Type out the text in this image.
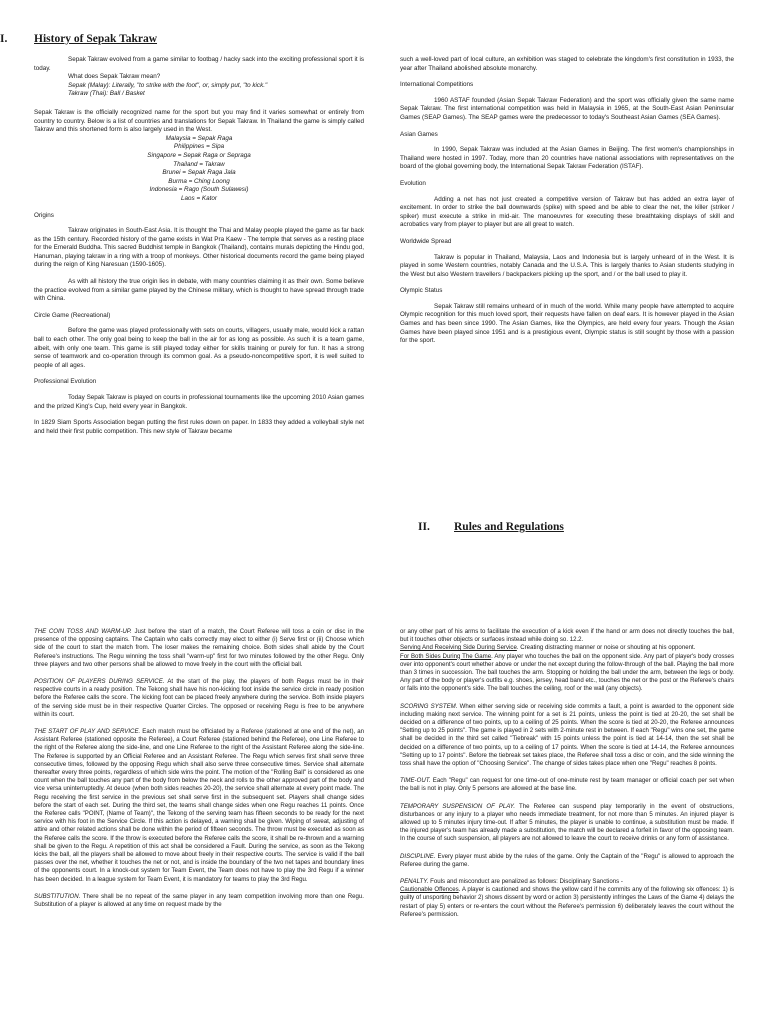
I. History of Sepak Takraw

Sepak Takraw evolved from a game similar to footbag / hacky sack into the exciting professional sport it is today.

What does Sepak Takraw mean?

Sepak (Malay): Literally, "to strike with the foot", or, simply put, "to kick."

Takraw (Thai): Ball / Basket

Sepak Takraw is the officially recognized name for the sport but you may find it varies somewhat or entirely from country to country. Below is a list of countries and translations for Sepak Takraw. In Thailand the game is simply called Takraw and this shortened form is also largely used in the West.

Malaysia = Sepak Raga

Philippines = Sipa

Singapore = Sepak Raga or Sepraga

Thailand = Takraw

Brunei = Sepak Raga Jala

Burma = Ching Loong

Indonesia = Rago (South Sulawesi)

Laos = Kator

Origins

Takraw originates in South-East Asia. It is thought the Thai and Malay people played the game as far back as the 15th century. Recorded history of the game exists in Wat Pra Kaew - The temple that serves as a resting place for the Emerald Buddha. This sacred Buddhist temple in Bangkok (Thailand), contains murals depicting the Hindu god, Hanuman, playing takraw in a ring with a troop of monkeys. Other historical documents record the game being played during the reign of King Naresuan (1590-1605).

As with all history the true origin lies in debate, with many countries claiming it as their own. Some believe the practice evolved from a similar game played by the Chinese military, which is thought to have spread through trade with China.

Circle Game (Recreational)

Before the game was played professionally with sets on courts, villagers, usually male, would kick a rattan ball to each other. The only goal being to keep the ball in the air for as long as possible. As such it is a team game, albeit, with only one team. This game is still played today either for skills training or purely for fun. It has a strong sense of teamwork and co-operation through its common goal. As a pseudo-noncompetitive sport, it is well suited to people of all ages.

Professional Evolution

Today Sepak Takraw is played on courts in professional tournaments like the upcoming 2010 Asian games and the prized King's Cup, held every year in Bangkok.

In 1829 Siam Sports Association began putting the first rules down on paper. In 1833 they added a volleyball style net and held their first public competition. This new style of Takraw became

such a well-loved part of local culture, an exhibition was staged to celebrate the kingdom's first constitution in 1933, the year after Thailand abolished absolute monarchy.

International Competitions

1960 ASTAF founded (Asian Sepak Takraw Federation) and the sport was officially given the same name Sepak Takraw. The first international competition was held in Malaysia in 1965, at the South-East Asian Peninsular Games (SEAP Games). The SEAP games were the predecessor to today's Southeast Asian Games (SEA Games).

Asian Games

In 1990, Sepak Takraw was included at the Asian Games in Beijing. The first women's championships in Thailand were hosted in 1997. Today, more than 20 countries have national associations with representatives on the board of the global governing body, the International Sepak Takraw Federation (ISTAF).

Evolution

Adding a net has not just created a competitive version of Takraw but has added an extra layer of excitement. In order to strike the ball downwards (spike) with speed and be able to clear the net, the killer (striker / spiker) must execute a strike in mid-air. The manoeuvres for executing these breathtaking displays of skill and acrobatics vary from player to player but are all great to watch.

Worldwide Spread

Takraw is popular in Thailand, Malaysia, Laos and Indonesia but is largely unheard of in the West. It is played in some Western countries, notably Canada and the U.S.A. This is largely thanks to Asian students studying in the West but also Western travellers / backpackers picking up the sport, and / or the ball used to play it.

Olympic Status

Sepak Takraw still remains unheard of in much of the world. While many people have attempted to acquire Olympic recognition for this much loved sport, their requests have fallen on deaf ears. It is however played in the Asian Games and has been since 1990. The Asian Games, like the Olympics, are held every four years. Though the Asian Games have been played since 1951 and is a prestigious event, Olympic status is still sought by those with a passion for the sport.

II. Rules and Regulations

THE COIN TOSS AND WARM-UP. Just before the start of a match, the Court Referee will toss a coin or disc in the presence of the opposing captains. The Captain who calls correctly may elect to either (i) Serve first or (ii) Choose which side of the court to start the match from. The loser makes the remaining choice. Both sides shall abide by the Court Referee's instructions. The Regu winning the toss shall "warm-up" first for two minutes followed by the other Regu. Only three players and two other persons shall be allowed to move freely in the court with the official ball.

POSITION OF PLAYERS DURING SERVICE. At the start of the play, the players of both Regus must be in their respective courts in a ready position. The Tekong shall have his non-kicking foot inside the service circle in ready position before the Referee calls the score. The kicking foot can be placed freely anywhere during the service. Both inside players of the serving side must be in their respective Quarter Circles. The opposed or receiving Regu is free to be anywhere within its court.

THE START OF PLAY AND SERVICE. Each match must be officiated by a Referee (stationed at one end of the net), an Assistant Referee (stationed opposite the Referee), a Court Referee (stationed behind the Referee), one Line Referee to the right of the Referee along the side-line, and one Line Referee to the right of the Assistant Referee along the side-line. The Referee is supported by an Official Referee and an Assistant Referee. The Regu which serves first shall serve three consecutive times, followed by the opposing Regu which shall also serve three consecutive times. Service shall alternate thereafter every three points, regardless of which side wins the point. The motion of the "Rolling Ball" is considered as one count when the ball touches any part of the body from below the neck and rolls to the other approved part of the body and vice versa uninterruptedly. At deuce (when both sides reaches 20-20), the service shall alternate at every point made. The Regu receiving the first service in the previous set shall serve first in the subsequent set. Players shall change sides before the start of each set. During the third set, the teams shall change sides when one Regu reaches 11 points. Once the Referee calls "POINT, (Name of Team)", the Tekong of the serving team has fifteen seconds to be ready for the next service with his foot in the Service Circle. If this action is delayed, a warning shall be given. Wiping of sweat, adjusting of attire and other related actions shall be done within the period of fifteen seconds. The throw must be executed as soon as the Referee calls the score. If the throw is executed before the Referee calls the score, it shall be re-thrown and a warning shall be given to the Regu. A repetition of this act shall be considered a Fault. During the service, as soon as the Tekong kicks the ball, all the players shall be allowed to move about freely in their respective courts. The service is valid if the ball passes over the net, whether it touches the net or not, and is inside the boundary of the two net tapes and boundary lines of the opponents court. In a knock-out system for Team Event, the Team does not have to play the 3rd Regu if a winner has been decided. In a league system for Team Event, it is mandatory for teams to play the 3rd Regu.

SUBSTITUTION. There shall be no repeat of the same player in any team competition involving more than one Regu. Substitution of a player is allowed at any time on request made by the

or any other part of his arms to facilitate the execution of a kick even if the hand or arm does not directly touches the ball, but it touches other objects or surfaces instead while doing so. 12.2.

Serving And Receiving Side During Service. Creating distracting manner or noise or shouting at his opponent.

For Both Sides During The Game. Any player who touches the ball on the opponent side. Any part of player's body crosses over into opponent's court whether above or under the net except during the follow-through of the ball. Playing the ball more than 3 times in succession. The ball touches the arm. Stopping or holding the ball under the arm, between the legs or body. Any part of the body or player's outfits e.g. shoes, jersey, head band etc., touches the net or the post or the Referee's chairs or falls into the opponent's side. The ball touches the ceiling, roof or the wall (any objects).

SCORING SYSTEM. When either serving side or receiving side commits a fault, a point is awarded to the opponent side including making next service. The winning point for a set is 21 points, unless the point is tied at 20-20, the set shall be decided on a difference of two points, up to a ceiling of 25 points. When the score is tied at 20-20, the Referee announces "Setting up to 25 points". The game is played in 2 sets with 2-minute rest in between. If each "Regu" wins one set, the game shall be decided in the third set called "Tiebreak" with 15 points unless the point is tied at 14-14, then the set shall be decided on a difference of two points, up to a ceiling of 17 points. When the score is tied at 14-14, the Referee announces "Setting up to 17 points". Before the tiebreak set takes place, the Referee shall toss a disc or coin, and the side winning the toss shall have the option of "Choosing Service". The change of sides takes place when one "Regu" reaches 8 points.

TIME-OUT. Each "Regu" can request for one time-out of one-minute rest by team manager or official coach per set when the ball is not in play. Only 5 persons are allowed at the base line.

TEMPORARY SUSPENSION OF PLAY. The Referee can suspend play temporarily in the event of obstructions, disturbances or any injury to a player who needs immediate treatment, for not more than 5 minutes. An injured player is allowed up to 5 minutes injury time-out. If after 5 minutes, the player is unable to continue, a substitution must be made. If the injured player's team has already made a substitution, the match will be declared a forfeit in favor of the opposing team. In the course of such suspension, all players are not allowed to leave the court to receive drinks or any form of assistance.

DISCIPLINE. Every player must abide by the rules of the game. Only the Captain of the "Regu" is allowed to approach the Referee during the game.

PENALTY. Fouls and misconduct are penalized as follows: Disciplinary Sanctions -

Cautionable Offences. A player is cautioned and shows the yellow card if he commits any of the following six offences: 1) is guilty of unsporting behavior 2) shows dissent by word or action 3) persistently infringes the Laws of the Game 4) delays the restart of play 5) enters or re-enters the court without the Referee's permission 6) deliberately leaves the court without the Referee's permission.
